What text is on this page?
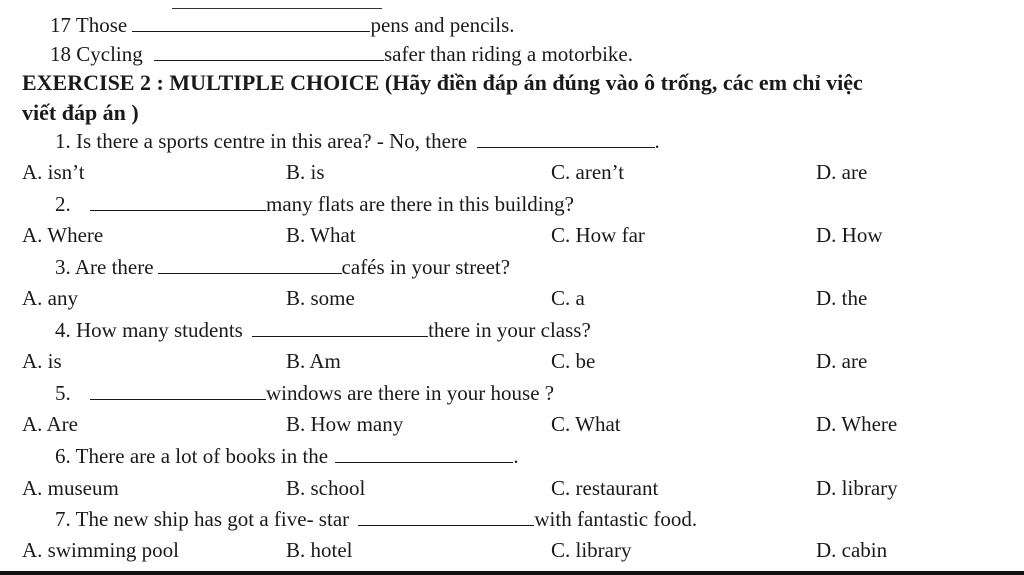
17 Those	pens and pencils.
18 Cycling	safer than riding a motorbike.
EXERCISE 2 : MULTIPLE CHOICE (Hãy điền đáp án đúng vào ô trống, các em chỉ việc
viết đáp án )
1. Is there a sports centre in this area? - No, there	.
A. isn’t	B. is	C. aren’t	D. are
2.	many flats are there in this building?
A. Where	B. What	C. How far	D. How
3. Are there	cafés in your street?
A. any	B. some	C. a	D. the
4. How many students	there in your class?
A. is	B. Am	C. be	D. are
5.	windows are there in your house ?
A. Are	B. How many	C. What	D. Where
6. There are a lot of books in the	.
A. museum	B. school	C. restaurant	D. library
7. The new ship has got a five- star	with fantastic food.
A. swimming pool	B. hotel	C. library	D. cabin
